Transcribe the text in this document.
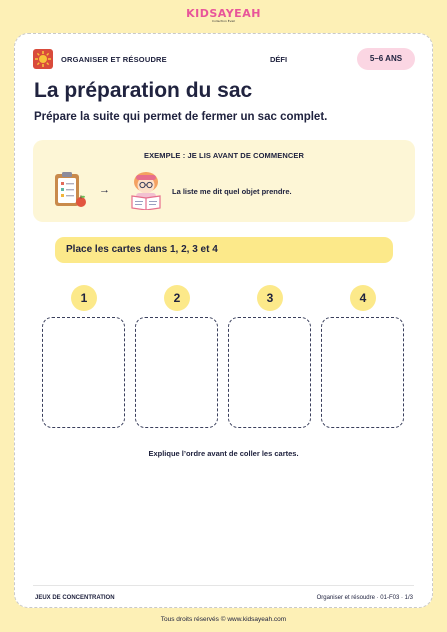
KIDSAYEAH
Collection Éveil
ORGANISER ET RÉSOUDRE	DÉFI	5–6 ANS
La préparation du sac
Prépare la suite qui permet de fermer un sac complet.
EXEMPLE : JE LIS AVANT DE COMMENCER
→	La liste me dit quel objet prendre.
Place les cartes dans 1, 2, 3 et 4
1	2	3	4
Explique l’ordre avant de coller les cartes.
JEUX DE CONCENTRATION	Organiser et résoudre · 01-F03 · 1/3
Tous droits réservés © www.kidsayeah.com
